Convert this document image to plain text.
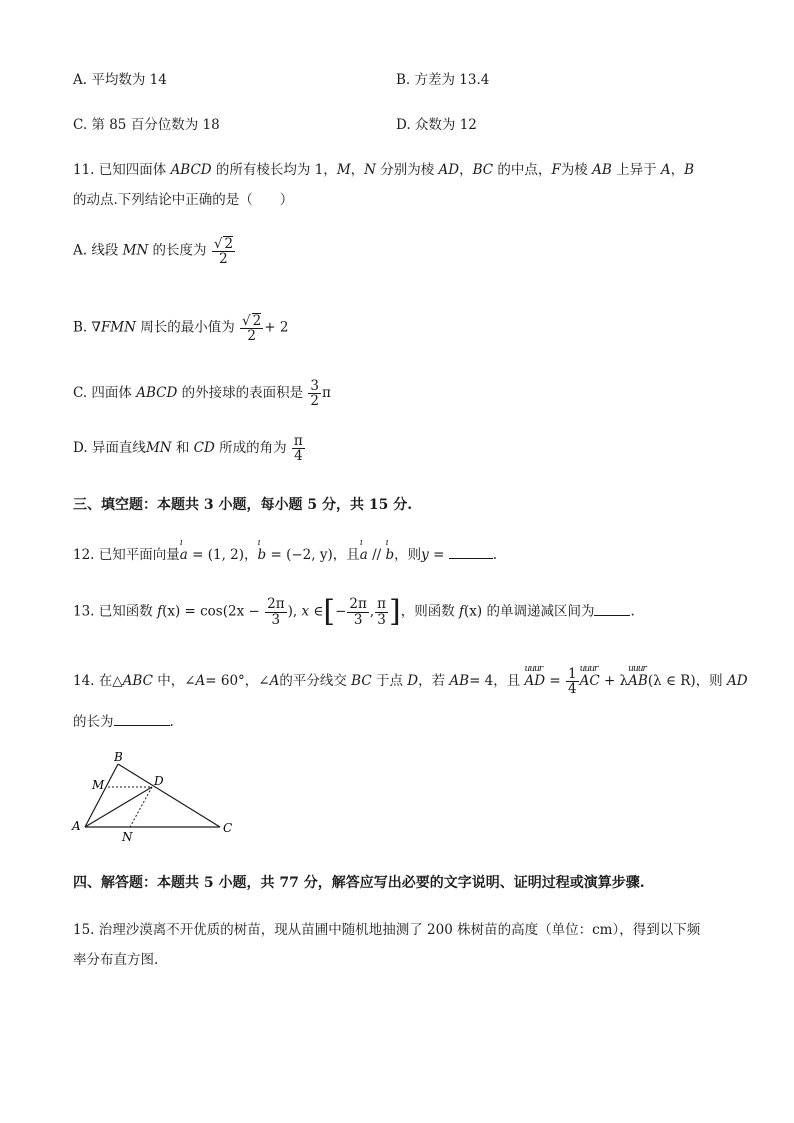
A. 平均数为 14	B. 方差为 13.4
C. 第 85 百分位数为 18	D. 众数为 12
11. 已知四面体 ABCD 的所有棱长均为 1，M，N 分别为棱 AD，BC 的中点，F为棱 AB 上异于 A，B
的动点.下列结论中正确的是（　　）
A. 线段 MN 的长度为 $\frac{√ 2}{2}$
B. ∇FMN 周长的最小值为 $\frac{√ 2}{2} + 2$
C. 四面体 ABCD 的外接球的表面积是 $\frac{3}{2}$ π
D. 异面直线MN 和 CD 所成的角为 $\frac{\pi}{4}$
三、填空题：本题共 3 小题，每小题 5 分，共 15 分.
12. 已知平面向量
ı
a = (1, 2)，
ı
b = (−2, y)，且
ı
a //
ı
b，则y =	.
13. 已知函数 $f(x) = \cos(2x - \frac{2\pi}{3}$ ), x ∈[− $\frac{2\pi}{3}$ , $\frac{\pi}{3}$ ]，则函数 f(x) 的单调递减区间为	.
14. 在△ABC 中，∠A= 60°，∠A的平分线交 BC 于点 D，若 AB= 4，且
uuur
AD = $\frac{1}{4}$ uuur
AC + λ
uuur
AB(λ ∈ R)，则 AD
的长为	.
B
M	D
A
N
C
四、解答题：本题共 5 小题，共 77 分，解答应写出必要的文字说明、证明过程或演算步骤.
15. 治理沙漠离不开优质的树苗，现从苗圃中随机地抽测了 200 株树苗的高度（单位：cm），得到以下频
率分布直方图.
